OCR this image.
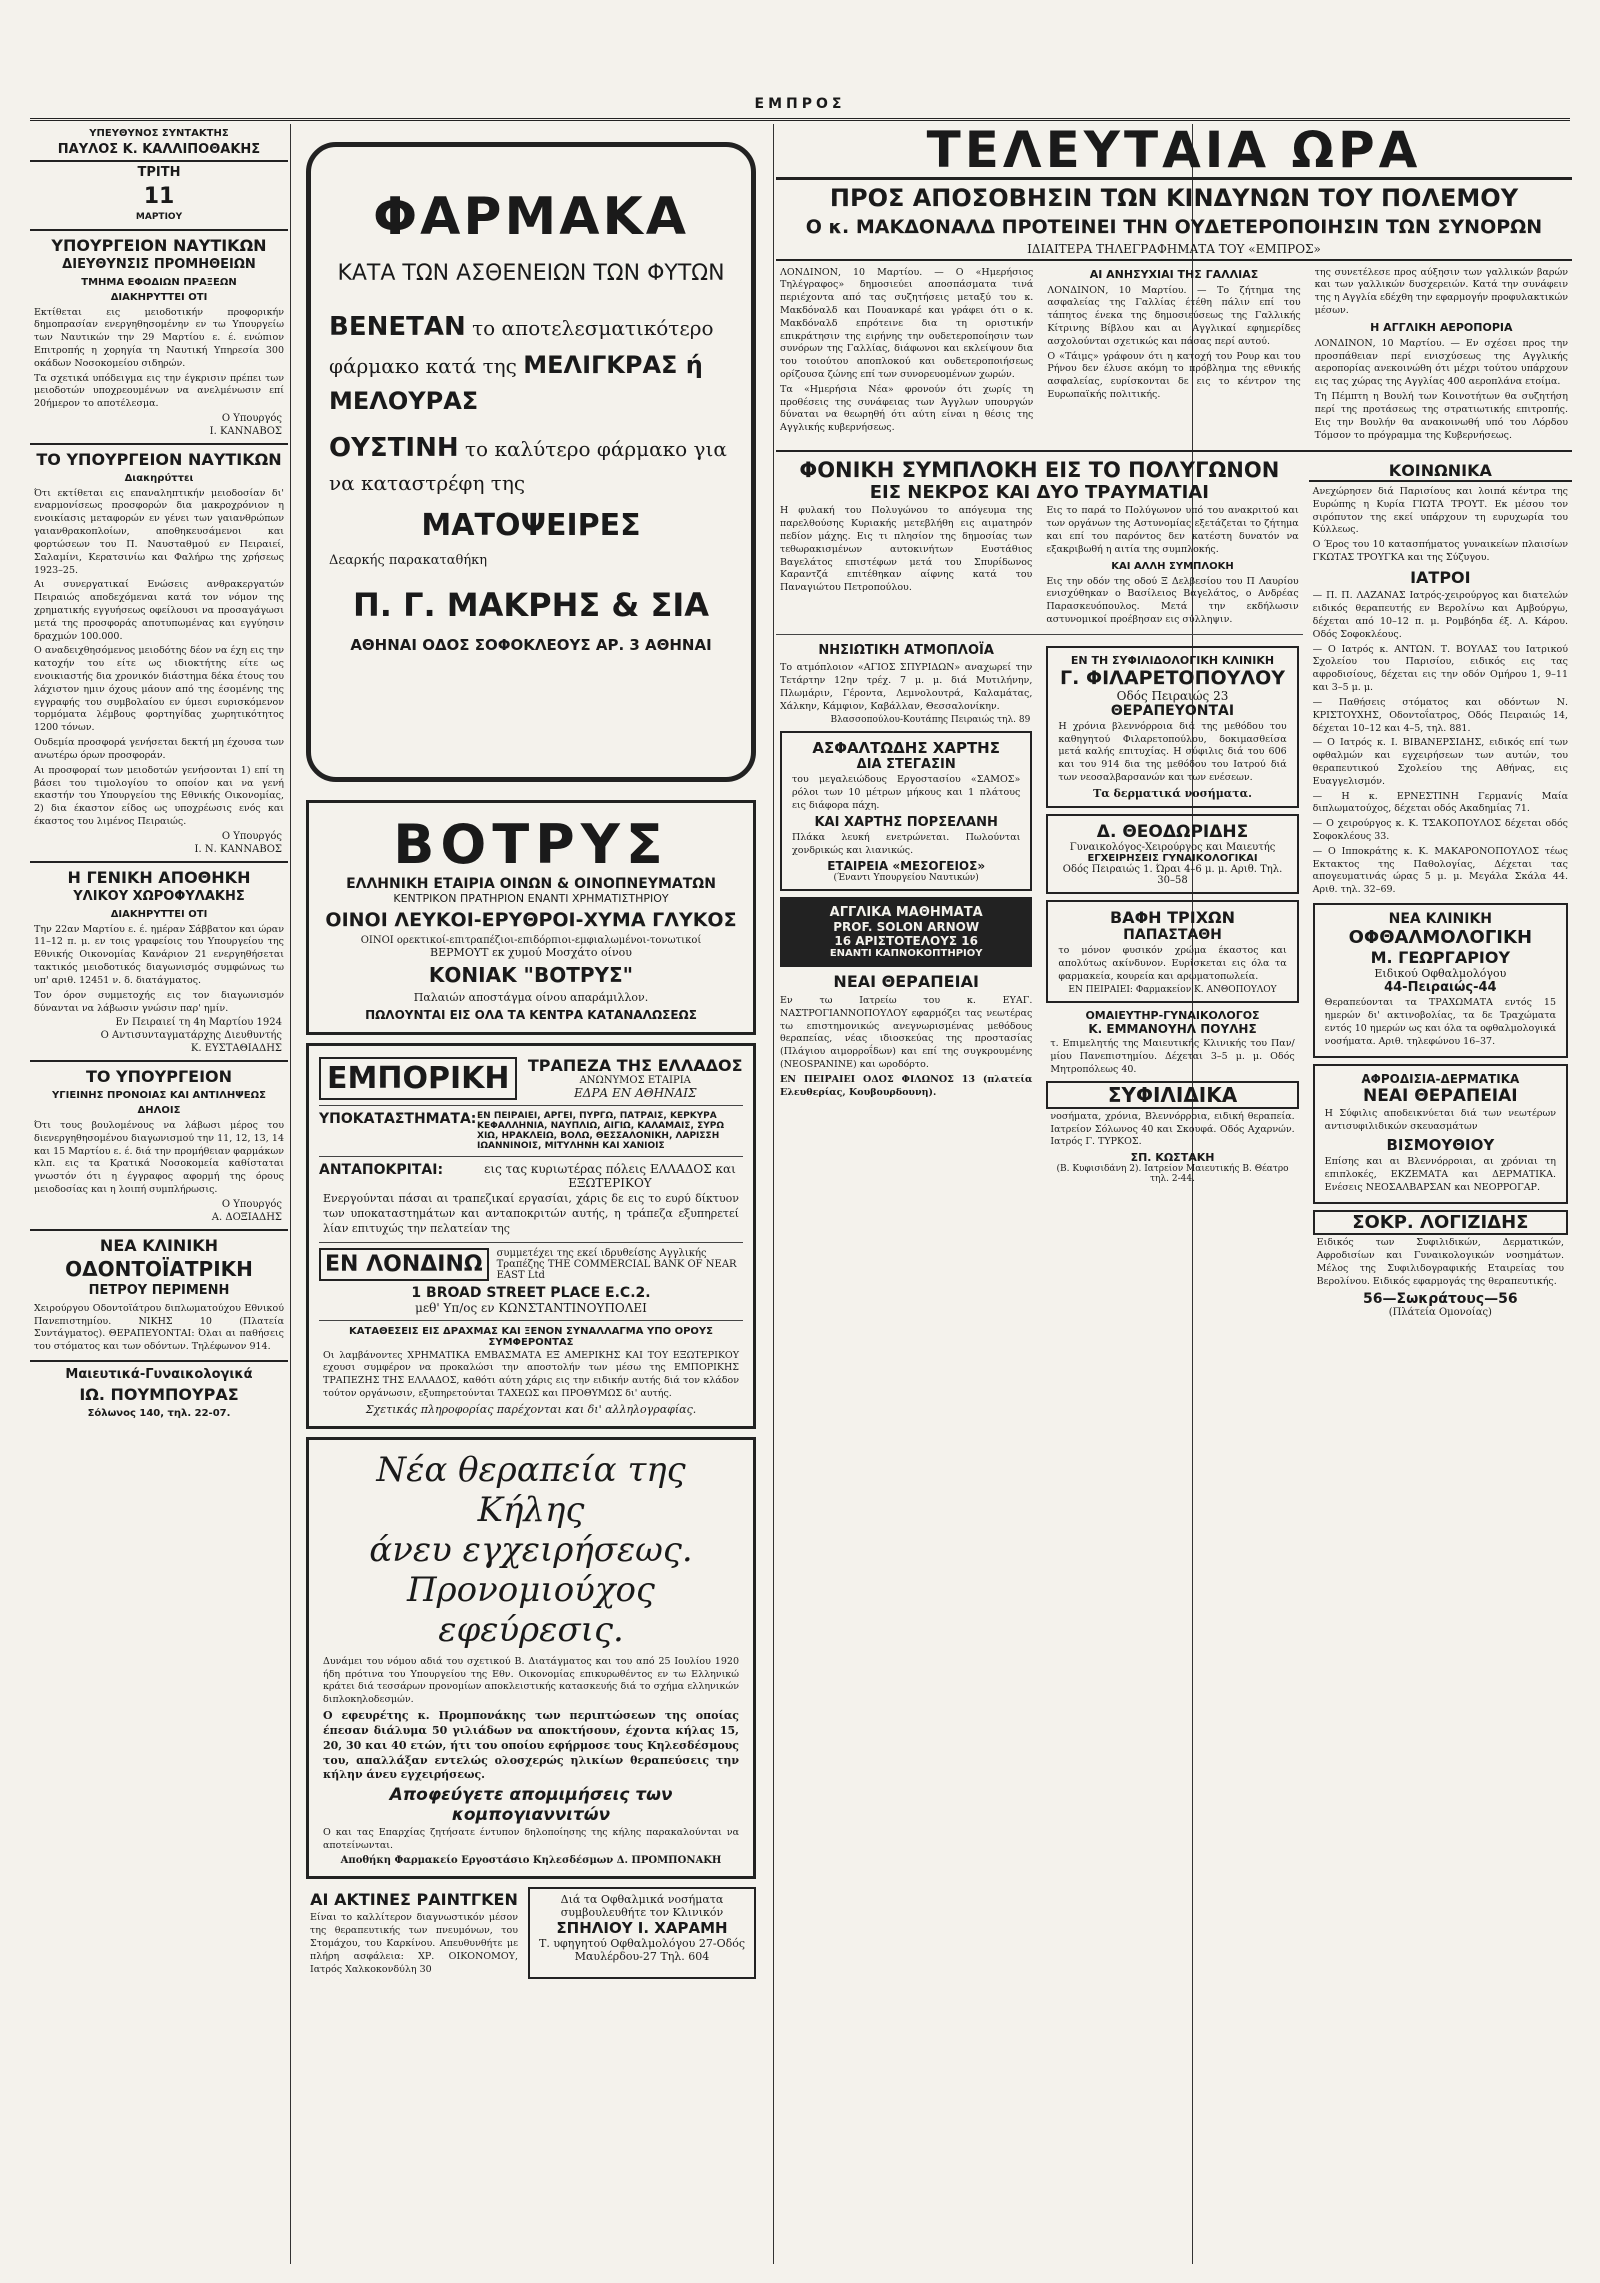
ΕΜΠΡΟΣ
ΥΠΕΥΘΥΝΟΣ ΣΥΝΤΑΚΤΗΣ
ΠΑΥΛΟΣ Κ. ΚΑΛΛΙΠΟΘΑΚΗΣ
ΤΡΙΤΗ
11
ΜΑΡΤΙΟΥ
ΥΠΟΥΡΓΕΙΟΝ ΝΑΥΤΙΚΩΝ
ΔΙΕΥΘΥΝΣΙΣ ΠΡΟΜΗΘΕΙΩΝ
ΤΜΗΜΑ ΕΦΟΔΙΩΝ ΠΡΑΞΕΩΝ
ΔΙΑΚΗΡΥΤΤΕΙ ΟΤΙ

Εκτίθεται εις μειοδοτικήν προφορικήν δημοπρασίαν ενεργηθησομένην εν τω Υπουργείω των Ναυτικών την 29 Μαρτίου ε. έ. ενώπιον Επιτροπής η χορηγία τη Ναυτική Υπηρεσία 300 οκάδων Νοσοκομείου σιδηρών.

Τα σχετικά υπόδειγμα εις την έγκρισιν πρέπει των μειοδοτών υποχρεουμένων να ανελμένωσιν επί 20ήμερον το αποτέλεσμα.

Ο Υπουργός
Ι. ΚΑΝΝΑΒΟΣ
ΤΟ ΥΠΟΥΡΓΕΙΟΝ ΝΑΥΤΙΚΩΝ
Διακηρύττει

Ότι εκτίθεται εις επαναληπτικήν μειοδοσίαν δι' εναρμονίσεως προσφορών δια μακροχρόνιον η ενοικίασις μεταφορών εν γένει των γαιανθρώπων γαιανθρακοπλοίων, αποθηκευσάμενοι και φορτώσεων του Π. Ναυσταθμού εν Πειραιεί, Σαλαμίνι, Κερατσινίω και Φαλήρω της χρήσεως 1923–25.

Αι συνεργατικαί Ενώσεις ανθρακεργατών Πειραιώς αποδεχόμεναι κατά τον νόμον της χρηματικής εγγυήσεως οφείλουσι να προσαγάγωσι μετά της προσφοράς αποτυπωμένας και εγγύησιν δραχμών 100.000.

Ο αναδειχθησόμενος μειοδότης δέον να έχη εις την κατοχήν του είτε ως ιδιοκτήτης είτε ως ενοικιαστής δια χρονικόν διάστημα δέκα έτους του λάχιστον ημιν όχους μάουν από της έσομένης της εγγραφής του συμβολαίου εν ύμεσι ευρισκόμενον τορμόματα λέμβους φορτηγίδας χωρητικότητος 1200 τόνων.

Ουδεμία προσφορά γενήσεται δεκτή μη έχουσα των ανωτέρω όρων προσφοράν.

Αι προσφοραί των μειοδοτών γενήσονται 1) επί τη βάσει του τιμολογίου το οποίον και να γενή εκαστήν του Υπουργείου της Εθνικής Οικονομίας, 2) δια έκαστον είδος ως υποχρέωσις ενός και έκαστος του λιμένος Πειραιώς.

Ο Υπουργός
Ι. Ν. ΚΑΝΝΑΒΟΣ
Η ΓΕΝΙΚΗ ΑΠΟΘΗΚΗ
ΥΛΙΚΟΥ ΧΩΡΟΦΥΛΑΚΗΣ
ΔΙΑΚΗΡΥΤΤΕΙ ΟΤΙ

Την 22αν Μαρτίου ε. έ. ημέραν Σάββατον και ώραν 11–12 π. μ. εν τοις γραφείοις του Υπουργείου της Εθνικής Οικονομίας Κανάριον 21 ενεργηθήσεται τακτικός μειοδοτικός διαγωνισμός συμφώνως τω υπ' αριθ. 12451 ν. δ. διατάγματος.

Τον όρον συμμετοχής εις τον διαγωνισμόν δύνανται να λάβωσιν γνώσιν παρ' ημίν.

Εν Πειραιεί τη 4η Μαρτίου 1924
Ο Αντισυνταγματάρχης Διευθυντής
Κ. ΕΥΣΤΑΘΙΑΔΗΣ
ΤΟ ΥΠΟΥΡΓΕΙΟΝ
ΥΓΙΕΙΝΗΣ ΠΡΟΝΟΙΑΣ ΚΑΙ ΑΝΤΙΛΗΨΕΩΣ
ΔΗΛΟΙΣ

Ότι τους βουλομένους να λάβωσι μέρος του διενεργηθησομένου διαγωνισμού την 11, 12, 13, 14 και 15 Μαρτίου ε. έ. διά την προμήθειαν φαρμάκων κλπ. εις τα Κρατικά Νοσοκομεία καθίσταται γνωστόν ότι η έγγραφος αφορμή της όρους μειοδοσίας και η λοιπή συμπλήρωσις.

Ο Υπουργός
Α. ΔΟΞΙΑΔΗΣ
ΝΕΑ ΚΛΙΝΙΚΗ
ΟΔΟΝΤΟΪΑΤΡΙΚΗ
ΠΕΤΡΟΥ ΠΕΡΙΜΕΝΗ

Χειρούργου Οδοντοϊάτρου διπλωματούχου Εθνικού Πανεπιστημίου. ΝΙΚΗΣ 10 (Πλατεία Συντάγματος). ΘΕΡΑΠΕΥΟΝΤΑΙ: Όλαι αι παθήσεις του στόματος και των οδόντων. Τηλέφωνον 914.

Μαιευτικά-Γυναικολογικά
ΙΩ. ΠΟΥΜΠΟΥΡΑΣ
Σόλωνος 140, τηλ. 22-07.
ΦΑΡΜΑΚΑ
ΚΑΤΑ ΤΩΝ ΑΣΘΕΝΕΙΩΝ ΤΩΝ ΦΥΤΩΝ
ΒΕΝΕΤΑΝ το αποτελεσματικότερο φάρμακο κατά της ΜΕΛΙΓΚΡΑΣ ή ΜΕΛΟΥΡΑΣ
ΟΥΣΤΙΝΗ το καλύτερο φάρμακο για να καταστρέφη της
ΜΑΤΟΨΕΙΡΕΣ
Δεαρκής παρακαταθήκη
Π. Γ. ΜΑΚΡΗΣ & ΣΙΑ
ΑΘΗΝΑΙ ΟΔΟΣ ΣΟΦΟΚΛΕΟΥΣ ΑΡ. 3 ΑΘΗΝΑΙ
ΒΟΤΡΥΣ
ΕΛΛΗΝΙΚΗ ΕΤΑΙΡΙΑ ΟΙΝΩΝ & ΟΙΝΟΠΝΕΥΜΑΤΩΝ
ΚΕΝΤΡΙΚΟΝ ΠΡΑΤΗΡΙΟΝ ΕΝΑΝΤΙ ΧΡΗΜΑΤΙΣΤΗΡΙΟΥ
ΟΙΝΟΙ ΛΕΥΚΟΙ-ΕΡΥΘΡΟΙ-ΧΥΜΑ ΓΛΥΚΟΣ
ΟΙΝΟΙ ορεκτικοί-επιτραπέζιοι-επιδόρπιοι-εμφιαλωμένοι-τονωτικοί
ΒΕΡΜΟΥΤ εκ χυμού Μοσχάτο οίνου
ΚΟΝΙΑΚ "ΒΟΤΡΥΣ"
Παλαιών αποστάγμα οίνου απαράμιλλον.
ΠΩΛΟΥΝΤΑΙ ΕΙΣ ΟΛΑ ΤΑ ΚΕΝΤΡΑ ΚΑΤΑΝΑΛΩΣΕΩΣ
ΕΜΠΟΡΙΚΗ	ΤΡΑΠΕΖΑ ΤΗΣ ΕΛΛΑΔΟΣ
ΑΝΩΝΥΜΟΣ ΕΤΑΙΡΙΑ
ΕΔΡΑ ΕΝ ΑΘΗΝΑΙΣ
ΥΠΟΚΑΤΑΣΤΗΜΑΤΑ: ΕΝ ΠΕΙΡΑΙΕΙ, ΑΡΓΕΙ, ΠΥΡΓΩ, ΠΑΤΡΑΙΣ, ΚΕΡΚΥΡΑ ΚΕΦΑΛΛΗΝΙΑ, ΝΑΥΠΛΙΩ, ΑΙΓΙΩ, ΚΑΛΑΜΑΙΣ, ΣΥΡΩ ΧΙΩ, ΗΡΑΚΛΕΙΩ, ΒΟΛΩ, ΘΕΣΣΑΛΟΝΙΚΗ, ΛΑΡΙΣΣΗ ΙΩΑΝΝΙΝΟΙΣ, ΜΙΤΥΛΗΝΗ ΚΑΙ ΧΑΝΙΟΙΣ
ΑΝΤΑΠΟΚΡΙΤΑΙ:	εις τας κυριωτέρας πόλεις ΕΛΛΑΔΟΣ και ΕΞΩΤΕΡΙΚΟΥ

Ενεργούνται πάσαι αι τραπεζικαί εργασίαι, χάρις δε εις το ευρύ δίκτυον των υποκαταστημάτων και ανταποκριτών αυτής, η τράπεζα εξυπηρετεί λίαν επιτυχώς την πελατείαν της

ΕΝ ΛΟΝΔΙΝΩ	συμμετέχει της εκεί ιδρυθείσης Αγγλικής Τραπέζης THE COMMERCIAL BANK OF NEAR EAST Ltd
1 BROAD STREET PLACE E.C.2.
μεθ' Υπ/ος εν ΚΩΝΣΤΑΝΤΙΝΟΥΠΟΛΕΙ
ΚΑΤΑΘΕΣΕΙΣ ΕΙΣ ΔΡΑΧΜΑΣ ΚΑΙ ΞΕΝΟΝ ΣΥΝΑΛΛΑΓΜΑ ΥΠΟ ΟΡΟΥΣ ΣΥΜΦΕΡΟΝΤΑΣ

Οι λαμβάνοντες ΧΡΗΜΑΤΙΚΑ ΕΜΒΑΣΜΑΤΑ ΕΞ ΑΜΕΡΙΚΗΣ ΚΑΙ ΤΟΥ ΕΞΩΤΕΡΙΚΟΥ εχουσι συμφέρον να προκαλώσι την αποστολήν των μέσω της ΕΜΠΟΡΙΚΗΣ ΤΡΑΠΕΖΗΣ ΤΗΣ ΕΛΛΑΔΟΣ, καθότι αύτη χάρις εις την ειδικήν αυτής διά τον κλάδον τούτον οργάνωσιν, εξυπηρετούνται ΤΑΧΕΩΣ και ΠΡΟΘΥΜΩΣ δι' αυτής.

Σχετικάς πληροφορίας παρέχονται και δι' αλληλογραφίας.
Νέα θεραπεία της Κήλης
άνευ εγχειρήσεως.
Προνομιούχος εφεύρεσις.

Δυνάμει του νόμου αδιά του σχετικού Β. Διατάγματος και του από 25 Ιουλίου 1920 ήδη πρότινα του Υπουργείου της Εθν. Οικονομίας επικυρωθέντος εν τω Ελληνικώ κράτει διά τεσσάρων προνομίων αποκλειστικής κατασκευής διά το σχήμα ελληνικών διπλοκηλοδεσμών.

Ο εφευρέτης κ. Προμπονάκης των περιπτώσεων της οποίας έπεσαν διάλυμα 50 γιλιάδων να αποκτήσουν, έχοντα κήλας 15, 20, 30 και 40 ετών, ήτι του οποίου εφήρμοσε τους Κηλεσδέσμους του, απαλλάξαν εντελώς ολοσχερώς ηλικίων θεραπεύσεις την κήλην άνευ εγχειρήσεως.

Αποφεύγετε απομιμήσεις των κομπογιαννιτών

Ο και τας Επαρχίας ζητήσατε έντυπον δηλοποίησης της κήλης παρακαλούνται να αποτείνωνται.

Αποθήκη Φαρμακείο Εργοστάσιο Κηλεσδέσμων Δ. ΠΡΟΜΠΟΝΑΚΗ
ΑΙ ΑΚΤΙΝΕΣ ΡΑΙΝΤΓΚΕΝ

Είναι το καλλίτερον διαγνωστικόν μέσον της θεραπευτικής των πνευμόνων, του Στομάχου, του Καρκίνου. Απευθυνθήτε με πλήρη ασφάλεια: ΧΡ. ΟΙΚΟΝΟΜΟΥ, Ιατρός Χαλκοκονδύλη 30

Διά τα Οφθαλμικά νοσήματα συμβουλευθήτε τον Κλινικόν
ΣΠΗΛΙΟΥ Ι. ΧΑΡΑΜΗ
Τ. υφηγητού Οφθαλμολόγου 27-Οδός Μαυλέρδου-27 Τηλ. 604
ΤΕΛΕΥΤΑΙΑ ΩΡΑ
ΠΡΟΣ ΑΠΟΣΟΒΗΣΙΝ ΤΩΝ ΚΙΝΔΥΝΩΝ ΤΟΥ ΠΟΛΕΜΟΥ
Ο κ. ΜΑΚΔΟΝΑΛΔ ΠΡΟΤΕΙΝΕΙ ΤΗΝ ΟΥΔΕΤΕΡΟΠΟΙΗΣΙΝ ΤΩΝ ΣΥΝΟΡΩΝ
ΙΔΙΑΙΤΕΡΑ ΤΗΛΕΓΡΑΦΗΜΑΤΑ ΤΟΥ «ΕΜΠΡΟΣ»

ΛΟΝΔΙΝΟΝ, 10 Μαρτίου. — Ο «Ημερήσιος Τηλέγραφος» δημοσιεύει αποσπάσματα τινά περιέχοντα από τας συζητήσεις μεταξύ του κ. Μακδόναλδ και Πουανκαρέ και γράφει ότι ο κ. Μακδόναλδ επρότεινε δια τη οριστικήν επικράτησιν της ειρήνης την ουδετεροποίησιν των συνόρων της Γαλλίας, διάφωνοι και εκλείψουν δια του τοιούτου αποπλοκού και ουδετεροποιήσεως ορίζουσα ζώνης επί των συνορευομένων χωρών.

Τα «Ημερήσια Νέα» φρονούν ότι χωρίς τη προθέσεις της συνάφειας των Άγγλων υπουργών δύναται να θεωρηθή ότι αύτη είναι η θέσις της Αγγλικής κυβερνήσεως.

ΑΙ ΑΝΗΣΥΧΙΑΙ ΤΗΣ ΓΑΛΛΙΑΣ

ΛΟΝΔΙΝΟΝ, 10 Μαρτίου. — Το ζήτημα της ασφαλείας της Γαλλίας έτέθη πάλιν επί του τάπητος ένεκα της δημοσιεύσεως της Γαλλικής Κίτρινης Βίβλου και αι Αγγλικαί εφημερίδες ασχολούνται σχετικώς και πάσας περί αυτού.

Ο «Τάιμς» γράφουν ότι η κατοχή του Ρουρ και του Ρήνου δεν έλυσε ακόμη το πρόβλημα της εθνικής ασφαλείας, ευρίσκονται δε εις το κέντρον της Ευρωπαϊκής πολιτικής.

της συνετέλεσε προς αύξησιν των γαλλικών βαρών και των γαλλικών δυσχερειών. Κατά την συνάφειν της η Αγγλία εδέχθη την εφαρμογήν προφυλακτικών μέσων.

Η ΑΓΓΛΙΚΗ ΑΕΡΟΠΟΡΙΑ

ΛΟΝΔΙΝΟΝ, 10 Μαρτίου. — Εν σχέσει προς την προσπάθειαν περί ενισχύσεως της Αγγλικής αεροπορίας ανεκοινώθη ότι μέχρι τούτου υπάρχουν εις τας χώρας της Αγγλίας 400 αεροπλάνα ετοίμα.

Τη Πέμπτη η Βουλή των Κοινοτήτων θα συζητήση περί της προτάσεως της στρατιωτικής επιτροπής. Εις την Βουλήν θα ανακοινωθή υπό του Λόρδου Τόμσον το πρόγραμμα της Κυβερνήσεως.

ΦΟΝΙΚΗ ΣΥΜΠΛΟΚΗ ΕΙΣ ΤΟ ΠΟΛΥΓΩΝΟΝ
ΕΙΣ ΝΕΚΡΟΣ ΚΑΙ ΔΥΟ ΤΡΑΥΜΑΤΙΑΙ

Η φυλακή του Πολυγώνου το απόγευμα της παρελθούσης Κυριακής μετεβλήθη εις αιματηρόν πεδίον μάχης. Εις τι πλησίον της δημοσίας των τεθωρακισμένων αυτοκινήτων Ευστάθιος Βαγελάτος επιστέφων μετά του Σπυρίδωνος Καραντζά επιτέθηκαν αίφνης κατά του Παναγιώτου Πετροπούλου.

Εις το παρά το Πολύγωνον υπό του ανακριτού και των οργάνων της Αστυνομίας εξετάζεται το ζήτημα και επί του παρόντος δεν κατέστη δυνατόν να εξακριβωθή η αιτία της συμπλοκής.

ΚΑΙ ΑΛΛΗ ΣΥΜΠΛΟΚΗ

Εις την οδόν της οδού Ξ Δελβεσίου του Π Λαυρίου ενισχύθηκαν ο Βασίλειος Βαγελάτος, ο Ανδρέας Παρασκευόπουλος. Μετά την εκδήλωσιν αστυνομικοί προέβησαν εις σύλληψιν.

ΝΗΣΙΩΤΙΚΗ ΑΤΜΟΠΛΟΪΑ

Το ατμόπλοιον «ΑΓΙΟΣ ΣΠΥΡΙΔΩΝ» αναχωρεί την Τετάρτην 12ην τρέχ. 7 μ. μ. διά Μυτιλήνην, Πλωμάριν, Γέροντα, Λεμνολουτρά, Καλαμάτας, Χάλκην, Κάμφιον, Καβάλλαν, Θεσσαλονίκην.

Βλασσοπούλου-Κουτάπης Πειραιώς τηλ. 89
ΑΣΦΑΛΤΩΔΗΣ ΧΑΡΤΗΣ
ΔΙΑ ΣΤΕΓΑΣΙΝ

του μεγαλειώδους Εργοστασίου «ΣΑΜΟΣ» ρόλοι των 10 μέτρων μήκους και 1 πλάτους εις διάφορα πάχη.

ΚΑΙ ΧΑΡΤΗΣ ΠΟΡΣΕΛΑΝΗ

Πλάκα λευκή ενετρώνεται. Πωλούνται χονδρικώς και λιανικώς.

ΕΤΑΙΡΕΙΑ «ΜΕΣΟΓΕΙΟΣ»
(Έναντι Υπουργείου Ναυτικών)
ΑΓΓΛΙΚΑ ΜΑΘΗΜΑΤΑ
PROF. SOLON ARNOW
16 ΑΡΙΣΤΟΤΕΛΟΥΣ 16
ΕΝΑΝΤΙ ΚΑΠΝΟΚΟΠΤΗΡΙΟΥ
ΝΕΑΙ ΘΕΡΑΠΕΙΑΙ

Εν τω Ιατρείω του κ. ΕΥΑΓ. ΝΑΣΤΡΟΓΙΑΝΝΟΠΟΥΛΟΥ εφαρμόζει τας νεωτέρας τω επιστημονικώς ανεγνωρισμένας μεθόδους θεραπείας, νέας ιδιοσκεύας της προστασίας (Πλάγιου αιμορροΐδων) και επί της συγκρουμένης (NEOSPANINE) και ωροδόρτο.

ΕΝ ΠΕΙΡΑΙΕΙ ΟΔΟΣ ΦΙΛΩΝΟΣ 13 (πλατεία Ελευθερίας, Κουβουρδουνη).

ΕΝ ΤΗ ΣΥΦΙΛΙΔΟΛΟΓΙΚΗ ΚΛΙΝΙΚΗ
Γ. ΦΙΛΑΡΕΤΟΠΟΥΛΟΥ
Οδός Πειραιώς 23
ΘΕΡΑΠΕΥΟΝΤΑΙ

Η χρόνια βλεννόρροια διά της μεθόδου του καθηγητού Φιλαρετοπούλου, δοκιμασθείσα μετά καλής επιτυχίας. Η σύφιλις διά του 606 και του 914 δια της μεθόδου του Ιατρού διά των νεοσαλβαρσανών και των ενέσεων.

Τα δερματικά νοσήματα.
Δ. ΘΕΟΔΩΡΙΔΗΣ
Γυναικολόγος-Χειρούργος και Μαιευτής
ΕΓΧΕΙΡΗΣΕΙΣ ΓΥΝΑΙΚΟΛΟΓΙΚΑΙ
Οδός Πειραιώς 1. Ώραι 4–6 μ. μ. Αριθ. Τηλ. 30–58
ΒΑΦΗ ΤΡΙΧΩΝ
ΠΑΠΑΣΤΑΘΗ

το μόνον φυσικόν χρώμα έκαστος και απολύτως ακίνδυνον. Ευρίσκεται εις όλα τα φαρμακεία, κουρεία και αρωματοπωλεία.

ΕΝ ΠΕΙΡΑΙΕΙ: Φαρμακείον Κ. ΑΝΘΟΠΟΥΛΟΥ
ΟΜΑΙΕΥΤΗΡ-ΓΥΝΑΙΚΟΛΟΓΟΣ
Κ. ΕΜΜΑΝΟΥΗΛ ΠΟΥΛΗΣ

τ. Επιμελητής της Μαιευτικής Κλινικής του Παν/μίου Πανεπιστημίου. Δέχεται 3–5 μ. μ. Οδός Μητροπόλεως 40.

ΣΥΦΙΛΙΔΙΚΑ

νοσήματα, χρόνια, Βλεννόρροια, ειδική θεραπεία. Ιατρείον Σόλωνος 40 και Σκουφά. Οδός Αχαρνών. Ιατρός Γ. ΤΥΡΚΟΣ.

ΣΠ. ΚΩΣΤΑΚΗ
(Β. Κυφισιδάνη 2). Ιατρείον Μαιευτικής Β. Θέατρο τηλ. 2-44.
ΚΟΙΝΩΝΙΚΑ

Ανεχώρησεν διά Παρισίους και λοιπά κέντρα της Ευρώπης η Κυρία ΓΙΩΤΑ ΤΡΟΥΤ. Εκ μέσου τον σιρόπυτον της εκεί υπάρχουν τη ευρυχωρία του Κύλλεως.

Ο Έρος του 10 κατασπήματος γυναικείων πλαισίων ΓΚΩΤΑΣ ΤΡΟΥΓΚΑ και της Σύζυγου.

ΙΑΤΡΟΙ

— Π. Π. ΛΑΖΑΝΑΣ Ιατρός-χειρούργος και διατελών ειδικός θεραπευτής εν Βερολίνω και Αμβούργω, δέχεται από 10–12 π. μ. Ρομβόηδα έξ. Λ. Κάρου. Οδός Σοφοκλέους.

— Ο Ιατρός κ. ΑΝΤΩΝ. Τ. ΒΟΥΛΑΣ του Ιατρικού Σχολείου του Παρισίου, ειδικός εις τας αφροδισίους, δέχεται εις την οδόν Ομήρου 1, 9–11 και 3–5 μ. μ.

— Παθήσεις στόματος και οδόντων Ν. ΚΡΙΣΤΟΥΧΗΣ, Οδοντοΐατρος, Οδός Πειραιώς 14, δέχεται 10–12 και 4–5, τηλ. 881.

— Ο Ιατρός κ. Ι. ΒΙΒΑΝΕΡΣΙΔΗΣ, ειδικός επί των οφθαλμών και εγχειρήσεων των αυτών, του θεραπευτικού Σχολείου της Αθήνας, εις Ευαγγελισμόν.

— Η κ. ΕΡΝΕΣΤΙΝΗ Γερμανίς Μαία διπλωματούχος, δέχεται οδός Ακαδημίας 71.

— Ο χειρούργος κ. Κ. ΤΣΑΚΟΠΟΥΛΟΣ δέχεται οδός Σοφοκλέους 33.

— Ο Ιπποκράτης κ. Κ. ΜΑΚΑΡΟΝΟΠΟΥΛΟΣ τέως Εκτακτος της Παθολογίας, Δέχεται τας απογευματινάς ώρας 5 μ. μ. Μεγάλα Σκάλα 44. Αριθ. τηλ. 32–69.

ΝΕΑ ΚΛΙΝΙΚΗ
ΟΦΘΑΛΜΟΛΟΓΙΚΗ
Μ. ΓΕΩΡΓΑΡΙΟΥ
Ειδικού Οφθαλμολόγου
44-Πειραιώς-44

Θεραπεύονται τα ΤΡΑΧΩΜΑΤΑ εντός 15 ημερών δι' ακτινοβολίας, τα δε Τραχώματα εντός 10 ημερών ως και όλα τα οφθαλμολογικά νοσήματα. Αριθ. τηλεφώνου 16–37.

ΑΦΡΟΔΙΣΙΑ-ΔΕΡΜΑΤΙΚΑ
ΝΕΑΙ ΘΕΡΑΠΕΙΑΙ

Η Σύφιλις αποδεικνύεται διά των νεωτέρων αντισυφιλιδικών σκευασμάτων

ΒΙΣΜΟΥΘΙΟΥ

Επίσης και αι Βλεννόρροιαι, αι χρόνιαι τη επιπλοκές, ΕΚΖΕΜΑΤΑ και ΔΕΡΜΑΤΙΚΑ. Ενέσεις ΝΕΟΣΑΛΒΑΡΣΑΝ και ΝΕΟΡΡΟΓΑΡ.

ΣΟΚΡ. ΛΟΓΙΖΙΔΗΣ

Ειδικός των Συφιλιδικών, Δερματικών, Αφροδισίων και Γυναικολογικών νοσημάτων. Μέλος της Συφιλιδογραφικής Εταιρείας του Βερολίνου. Ειδικός εφαρμογάς της θεραπευτικής.

56—Σωκράτους—56
(Πλάτεία Ομονοίας)
